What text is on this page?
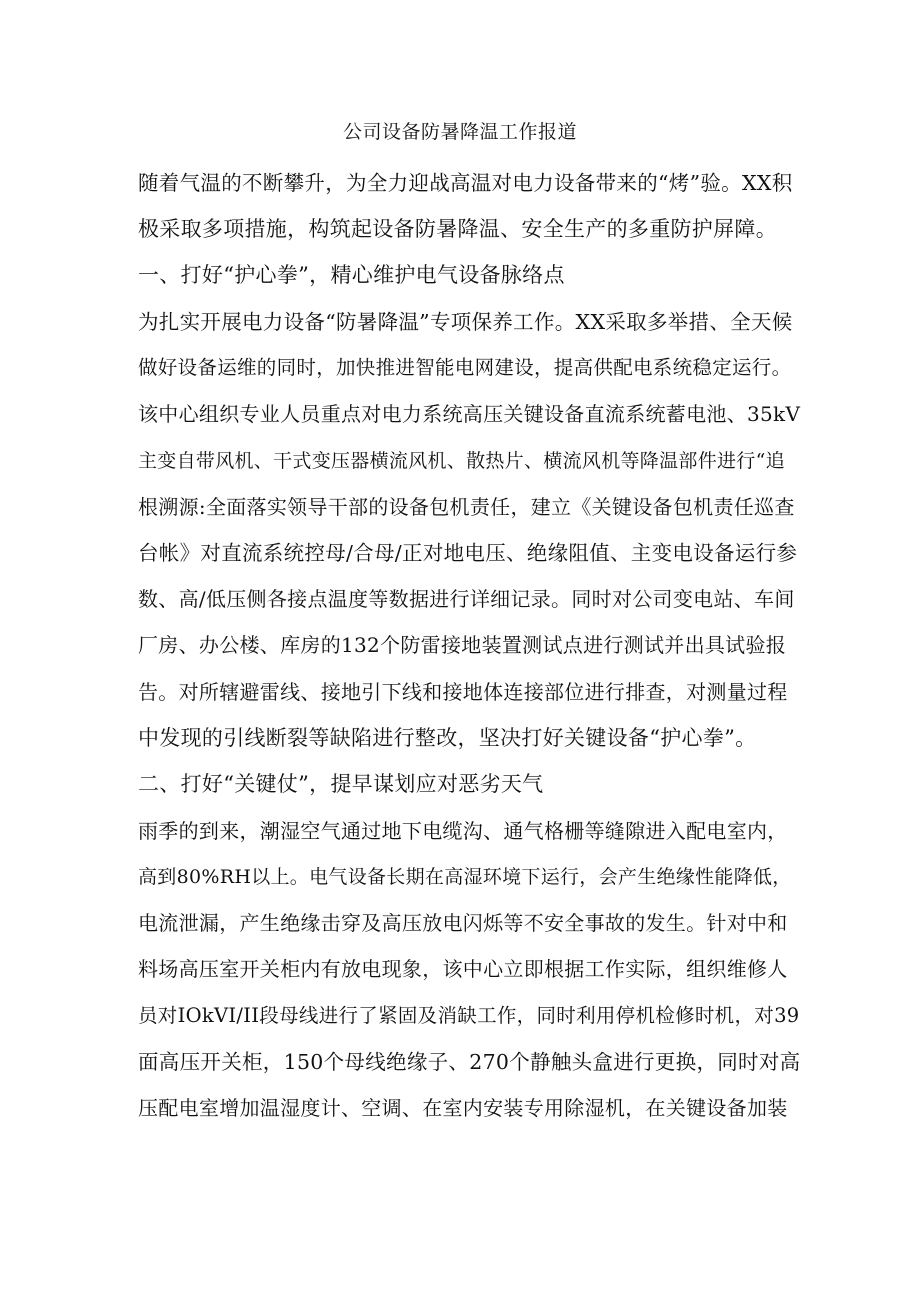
公司设备防暑降温工作报道
随着气温的不断攀升，为全力迎战高温对电力设备带来的“烤”验。XX积
极采取多项措施，构筑起设备防暑降温、安全生产的多重防护屏障。
一、打好“护心拳”，精心维护电气设备脉络点
为扎实开展电力设备“防暑降温”专项保养工作。XX采取多举措、全天候
做好设备运维的同时，加快推进智能电网建设，提高供配电系统稳定运行。
该中心组织专业人员重点对电力系统高压关键设备直流系统蓄电池、35kV
主变自带风机、干式变压器横流风机、散热片、横流风机等降温部件进行“追
根溯源:全面落实领导干部的设备包机责任，建立《关键设备包机责任巡查
台帐》对直流系统控母/合母/正对地电压、绝缘阻值、主变电设备运行参
数、高/低压侧各接点温度等数据进行详细记录。同时对公司变电站、车间
厂房、办公楼、库房的132个防雷接地装置测试点进行测试并出具试验报
告。对所辖避雷线、接地引下线和接地体连接部位进行排查，对测量过程
中发现的引线断裂等缺陷进行整改，坚决打好关键设备“护心拳”。
二、打好“关键仗”，提早谋划应对恶劣天气
雨季的到来，潮湿空气通过地下电缆沟、通气格栅等缝隙进入配电室内，
高到80%RH以上。电气设备长期在高湿环境下运行，会产生绝缘性能降低，
电流泄漏，产生绝缘击穿及高压放电闪烁等不安全事故的发生。针对中和
料场高压室开关柜内有放电现象，该中心立即根据工作实际，组织维修人
员对IOkVI/II段母线进行了紧固及消缺工作，同时利用停机检修时机，对39
面高压开关柜，150个母线绝缘子、270个静触头盒进行更换，同时对高
压配电室增加温湿度计、空调、在室内安装专用除湿机，在关键设备加装
